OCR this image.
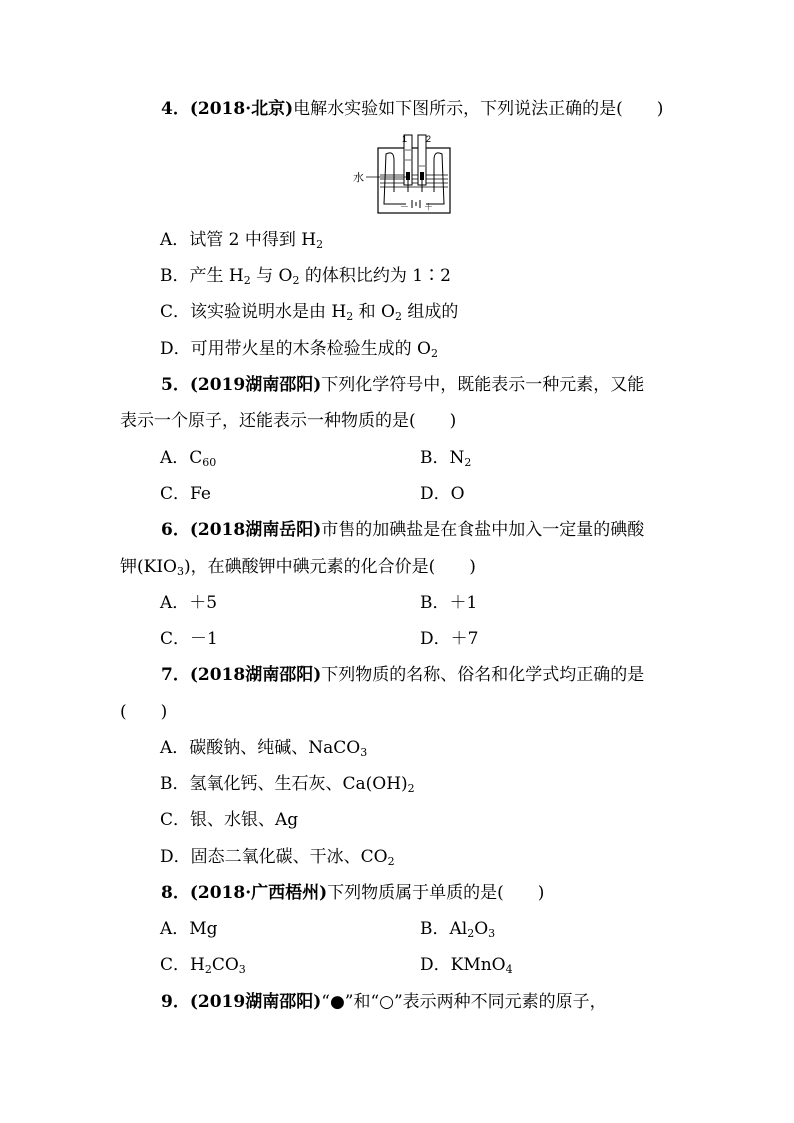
4．(2018·北京)电解水实验如下图所示，下列说法正确的是(　　)
1 2
水
－ ＋
A．试管 2 中得到 $H_2$
B．产生 $H_2$ 与 $O_2$ 的体积比约为 1∶2
C．该实验说明水是由 $H_2$ 和 $O_2$ 组成的
D．可用带火星的木条检验生成的 $O_2$
5．(2019湖南邵阳)下列化学符号中，既能表示一种元素，又能
表示一个原子，还能表示一种物质的是(　　)
A．$C_{60}$	B．$N_2$
C．Fe	D．O
6．(2018湖南岳阳)市售的加碘盐是在食盐中加入一定量的碘酸
钾$(KIO_3)$，在碘酸钾中碘元素的化合价是(　　)
A．＋5	B．＋1
C．－1	D．＋7
7．(2018湖南邵阳)下列物质的名称、俗名和化学式均正确的是
(　　)
A．碳酸钠、纯碱、NaCO$_3$
B．氢氧化钙、生石灰、$Ca(OH)_2$
C．银、水银、Ag
D．固态二氧化碳、干冰、$CO_2$
8．(2018·广西梧州)下列物质属于单质的是(　　)
A．Mg	B．$Al_2O_3$
C．$H_2CO_3$	D．KMnO$_4$
9．(2019湖南邵阳)“●”和“○”表示两种不同元素的原子，
